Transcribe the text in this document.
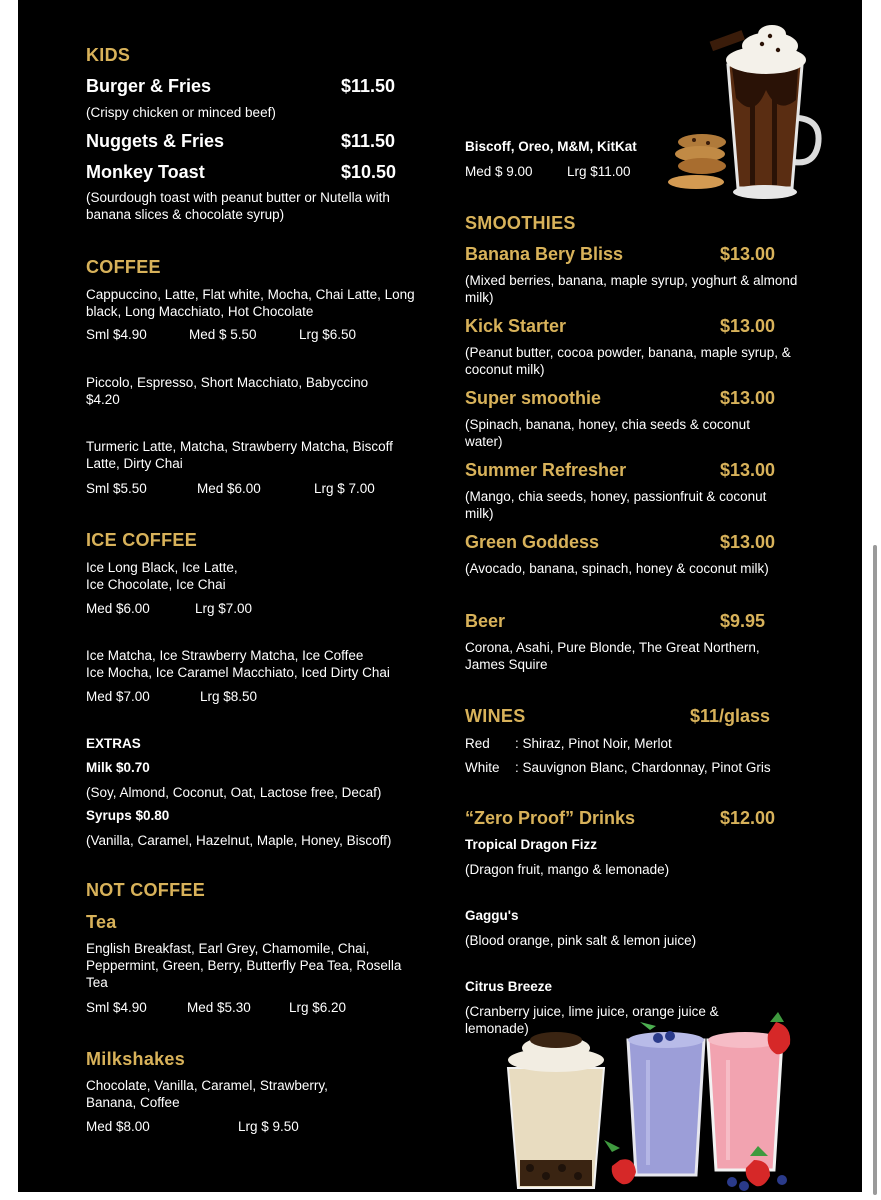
KIDS
Burger & Fries	$11.50
(Crispy chicken or minced beef)
Nuggets & Fries	$11.50
Monkey Toast	$10.50
(Sourdough toast with peanut butter or Nutella with banana slices & chocolate syrup)
COFFEE
Cappuccino, Latte, Flat white, Mocha, Chai Latte, Long black, Long Macchiato, Hot Chocolate
Sml $4.90	Med $ 5.50	Lrg $6.50
Piccolo, Espresso, Short Macchiato, Babyccino
$4.20
Turmeric Latte, Matcha, Strawberry Matcha, Biscoff Latte, Dirty Chai
Sml $5.50	Med $6.00	Lrg $ 7.00
ICE COFFEE
Ice Long Black, Ice Latte,
Ice Chocolate, Ice Chai
Med $6.00	Lrg $7.00
Ice Matcha, Ice Strawberry Matcha, Ice Coffee
Ice Mocha, Ice Caramel Macchiato, Iced Dirty Chai
Med $7.00	Lrg $8.50
EXTRAS
Milk $0.70
(Soy, Almond, Coconut, Oat, Lactose free, Decaf)
Syrups $0.80
(Vanilla, Caramel, Hazelnut, Maple, Honey, Biscoff)
NOT COFFEE
Tea
English Breakfast, Earl Grey, Chamomile, Chai, Peppermint, Green, Berry, Butterfly Pea Tea, Rosella Tea
Sml $4.90	Med $5.30	Lrg $6.20
Milkshakes
Chocolate, Vanilla, Caramel, Strawberry, Banana, Coffee
Med $8.00	Lrg $ 9.50
Biscoff, Oreo, M&M, KitKat
Med $ 9.00	Lrg $11.00
SMOOTHIES
Banana Bery Bliss	$13.00
(Mixed berries, banana, maple syrup, yoghurt & almond milk)
Kick Starter	$13.00
(Peanut butter, cocoa powder, banana, maple syrup, & coconut milk)
Super smoothie	$13.00
(Spinach, banana, honey, chia seeds & coconut water)
Summer Refresher	$13.00
(Mango, chia seeds, honey, passionfruit & coconut milk)
Green Goddess	$13.00
(Avocado, banana, spinach, honey & coconut milk)
Beer	$9.95
Corona, Asahi, Pure Blonde, The Great Northern, James Squire
WINES	$11/glass
Red : Shiraz, Pinot Noir, Merlot
White : Sauvignon Blanc, Chardonnay, Pinot Gris
“Zero Proof” Drinks	$12.00
Tropical Dragon Fizz
(Dragon fruit, mango & lemonade)
Gaggu's
(Blood orange, pink salt & lemon juice)
Citrus Breeze
(Cranberry juice, lime juice, orange juice & lemonade)
